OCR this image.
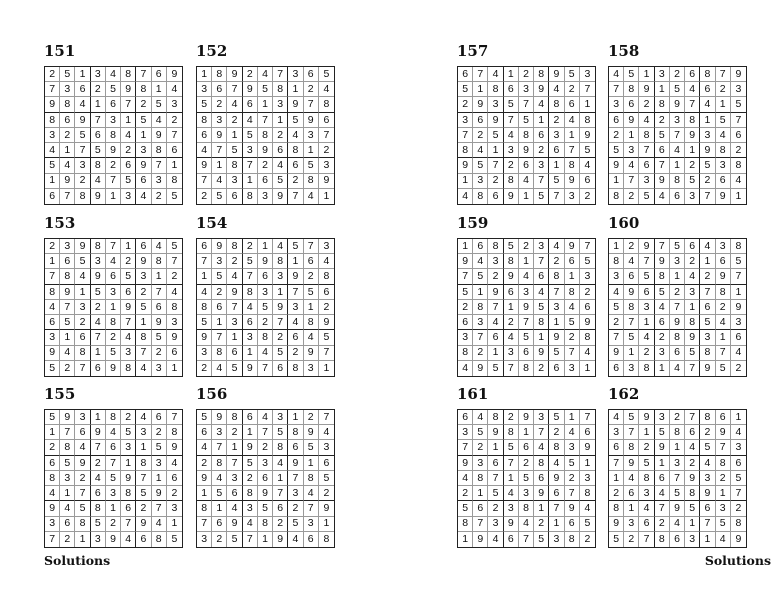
151
2 5 1 3 4 8 7 6 9
7 3 6 2 5 9 8 1 4
9 8 4 1 6 7 2 5 3
8 6 9 7 3 1 5 4 2
3 2 5 6 8 4 1 9 7
4 1 7 5 9 2 3 8 6
5 4 3 8 2 6 9 7 1
1 9 2 4 7 5 6 3 8
6 7 8 9 1 3 4 2 5
152
1 8 9 2 4 7 3 6 5
3 6 7 9 5 8 1 2 4
5 2 4 6 1 3 9 7 8
8 3 2 4 7 1 5 9 6
6 9 1 5 8 2 4 3 7
4 7 5 3 9 6 8 1 2
9 1 8 7 2 4 6 5 3
7 4 3 1 6 5 2 8 9
2 5 6 8 3 9 7 4 1
153
2 3 9 8 7 1 6 4 5
1 6 5 3 4 2 9 8 7
7 8 4 9 6 5 3 1 2
8 9 1 5 3 6 2 7 4
4 7 3 2 1 9 5 6 8
6 5 2 4 8 7 1 9 3
3 1 6 7 2 4 8 5 9
9 4 8 1 5 3 7 2 6
5 2 7 6 9 8 4 3 1
154
6 9 8 2 1 4 5 7 3
7 3 2 5 9 8 1 6 4
1 5 4 7 6 3 9 2 8
4 2 9 8 3 1 7 5 6
8 6 7 4 5 9 3 1 2
5 1 3 6 2 7 4 8 9
9 7 1 3 8 2 6 4 5
3 8 6 1 4 5 2 9 7
2 4 5 9 7 6 8 3 1
155
5 9 3 1 8 2 4 6 7
1 7 6 9 4 5 3 2 8
2 8 4 7 6 3 1 5 9
6 5 9 2 7 1 8 3 4
8 3 2 4 5 9 7 1 6
4 1 7 6 3 8 5 9 2
9 4 5 8 1 6 2 7 3
3 6 8 5 2 7 9 4 1
7 2 1 3 9 4 6 8 5
156
5 9 8 6 4 3 1 2 7
6 3 2 1 7 5 8 9 4
4 7 1 9 2 8 6 5 3
2 8 7 5 3 4 9 1 6
9 4 3 2 6 1 7 8 5
1 5 6 8 9 7 3 4 2
8 1 4 3 5 6 2 7 9
7 6 9 4 8 2 5 3 1
3 2 5 7 1 9 4 6 8
157
6 7 4 1 2 8 9 5 3
5 1 8 6 3 9 4 2 7
2 9 3 5 7 4 8 6 1
3 6 9 7 5 1 2 4 8
7 2 5 4 8 6 3 1 9
8 4 1 3 9 2 6 7 5
9 5 7 2 6 3 1 8 4
1 3 2 8 4 7 5 9 6
4 8 6 9 1 5 7 3 2
158
4 5 1 3 2 6 8 7 9
7 8 9 1 5 4 6 2 3
3 6 2 8 9 7 4 1 5
6 9 4 2 3 8 1 5 7
2 1 8 5 7 9 3 4 6
5 3 7 6 4 1 9 8 2
9 4 6 7 1 2 5 3 8
1 7 3 9 8 5 2 6 4
8 2 5 4 6 3 7 9 1
159
1 6 8 5 2 3 4 9 7
9 4 3 8 1 7 2 6 5
7 5 2 9 4 6 8 1 3
5 1 9 6 3 4 7 8 2
2 8 7 1 9 5 3 4 6
6 3 4 2 7 8 1 5 9
3 7 6 4 5 1 9 2 8
8 2 1 3 6 9 5 7 4
4 9 5 7 8 2 6 3 1
160
1 2 9 7 5 6 4 3 8
8 4 7 9 3 2 1 6 5
3 6 5 8 1 4 2 9 7
4 9 6 5 2 3 7 8 1
5 8 3 4 7 1 6 2 9
2 7 1 6 9 8 5 4 3
7 5 4 2 8 9 3 1 6
9 1 2 3 6 5 8 7 4
6 3 8 1 4 7 9 5 2
161
6 4 8 2 9 3 5 1 7
3 5 9 8 1 7 2 4 6
7 2 1 5 6 4 8 3 9
9 3 6 7 2 8 4 5 1
4 8 7 1 5 6 9 2 3
2 1 5 4 3 9 6 7 8
5 6 2 3 8 1 7 9 4
8 7 3 9 4 2 1 6 5
1 9 4 6 7 5 3 8 2
162
4 5 9 3 2 7 8 6 1
3 7 1 5 8 6 2 9 4
6 8 2 9 1 4 5 7 3
7 9 5 1 3 2 4 8 6
1 4 8 6 7 9 3 2 5
2 6 3 4 5 8 9 1 7
8 1 4 7 9 5 6 3 2
9 3 6 2 4 1 7 5 8
5 2 7 8 6 3 1 4 9
Solutions	Solutions
